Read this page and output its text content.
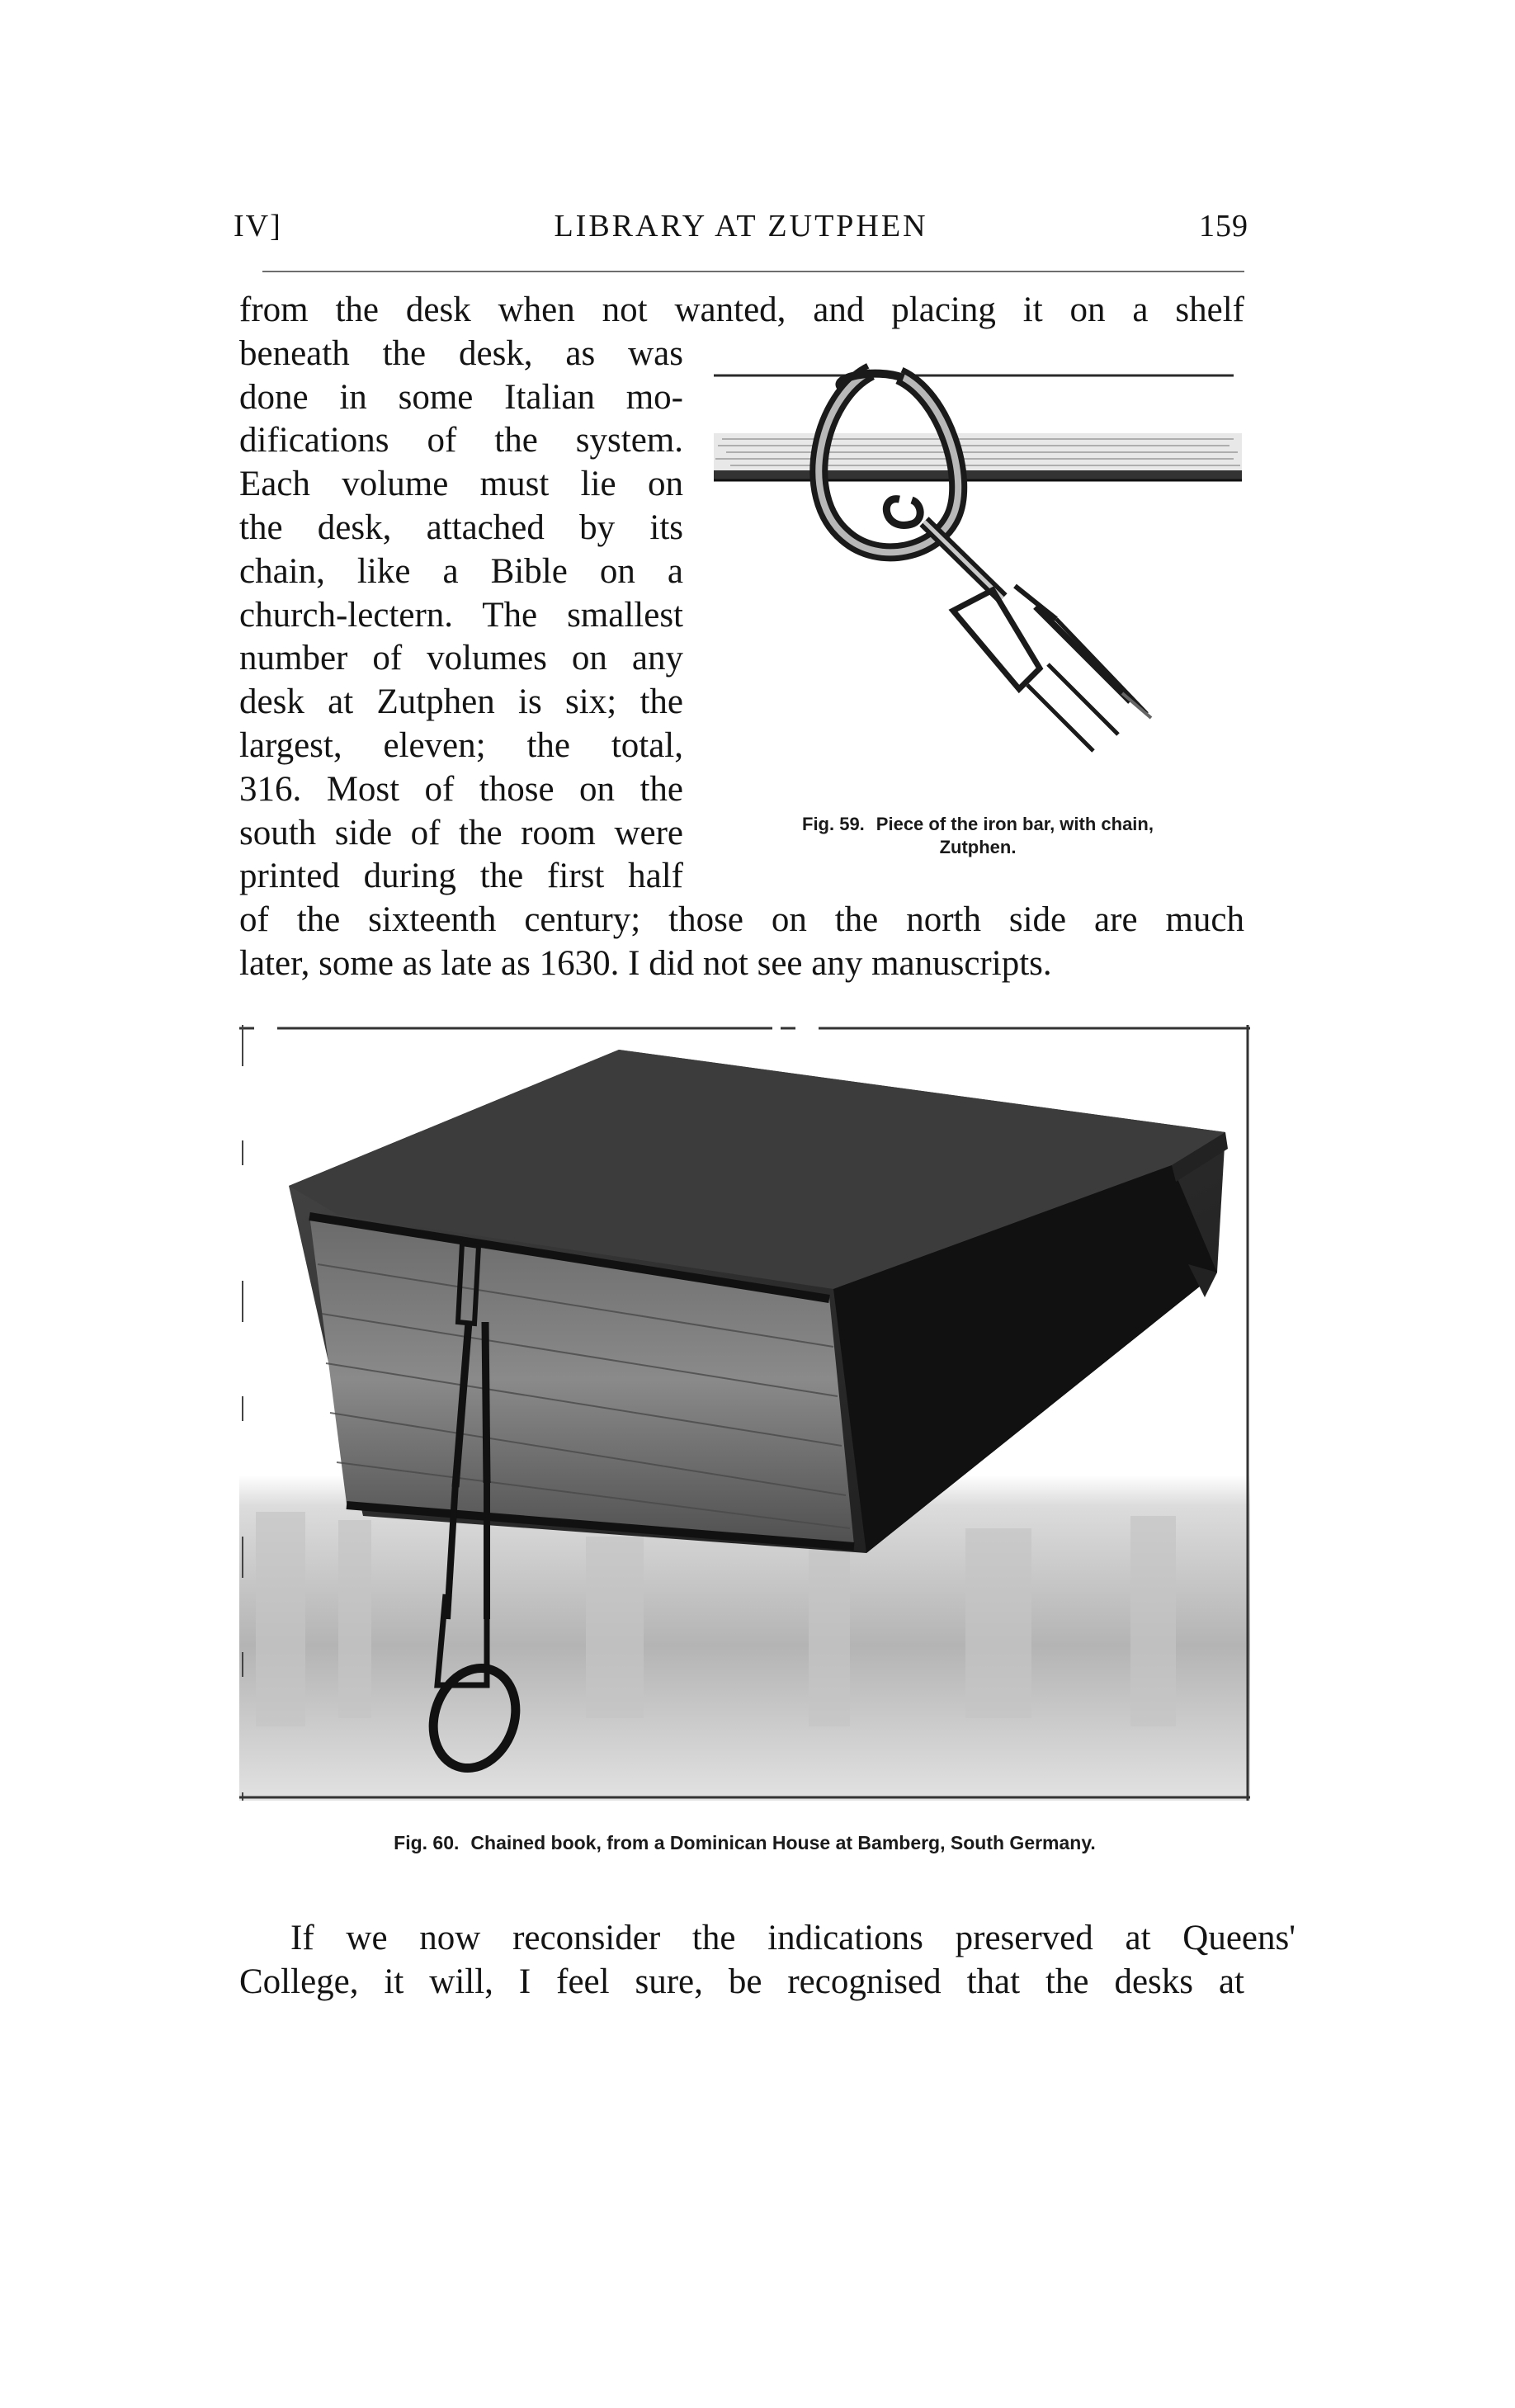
IV]	LIBRARY AT ZUTPHEN	159
from the desk when not wanted, and placing it on a shelf
beneath the desk, as was
done in some Italian mo-
difications of the system.
Each volume must lie on
the desk, attached by its
chain, like a Bible on a
church-lectern. The smallest
number of volumes on any
desk at Zutphen is six; the
largest, eleven; the total,
316. Most of those on the
south side of the room were
printed during the first half
of the sixteenth century; those on the north side are much
later, some as late as 1630. I did not see any manuscripts.
Fig. 59. Piece of the iron bar, with chain,
Zutphen.
Fig. 60. Chained book, from a Dominican House at Bamberg, South Germany.
If we now reconsider the indications preserved at Queens'
College, it will, I feel sure, be recognised that the desks at
